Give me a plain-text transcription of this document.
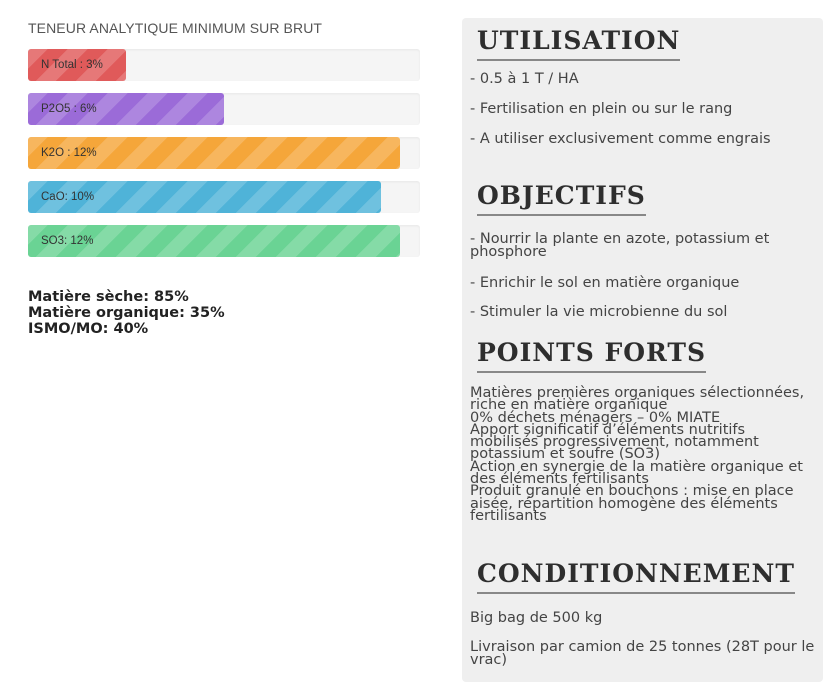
TENEUR ANALYTIQUE MINIMUM SUR BRUT
N Total : 3%
P2O5 : 6%
K2O : 12%
CaO: 10%
SO3: 12%
Matière sèche: 85%
Matière organique: 35%
ISMO/MO: 40%
UTILISATION
- 0.5 à 1 T / HA
- Fertilisation en plein ou sur le rang
- A utiliser exclusivement comme engrais
OBJECTIFS
- Nourrir la plante en azote, potassium et phosphore
- Enrichir le sol en matière organique
- Stimuler la vie microbienne du sol
POINTS FORTS
Matières premières organiques sélectionnées, riche en matière organique
0% déchets ménagers – 0% MIATE
Apport significatif d’éléments nutritifs mobilisés progressivement, notamment potassium et soufre (SO3)
Action en synergie de la matière organique et des éléments fertilisants
Produit granulé en bouchons : mise en place aisée, répartition homogène des éléments fertilisants
CONDITIONNEMENT
Big bag de 500 kg
Livraison par camion de 25 tonnes (28T pour le vrac)
